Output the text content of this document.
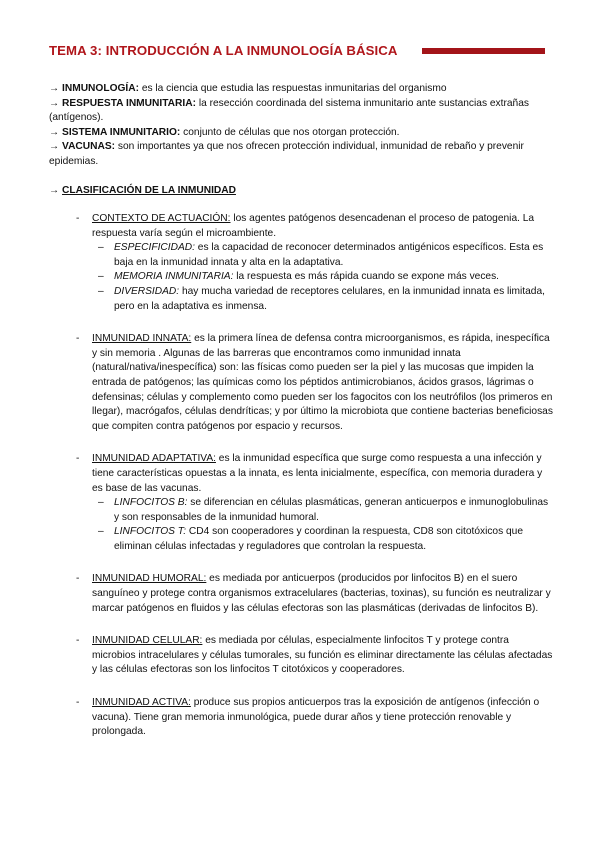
TEMA 3: INTRODUCCIÓN A LA INMUNOLOGÍA BÁSICA

→ INMUNOLOGÍA: es la ciencia que estudia las respuestas inmunitarias del organismo

→ RESPUESTA INMUNITARIA: la resección coordinada del sistema inmunitario ante sustancias extrañas (antígenos).

→ SISTEMA INMUNITARIO: conjunto de células que nos otorgan protección.

→ VACUNAS: son importantes ya que nos ofrecen protección individual, inmunidad de rebaño y prevenir epidemias.

→ CLASIFICACIÓN DE LA INMUNIDAD
- CONTEXTO DE ACTUACIÓN: los agentes patógenos desencadenan el proceso de patogenia. La respuesta varía según el microambiente.
– ESPECIFICIDAD: es la capacidad de reconocer determinados antigénicos específicos. Esta es baja en la inmunidad innata y alta en la adaptativa.
– MEMORIA INMUNITARIA: la respuesta es más rápida cuando se expone más veces.
– DIVERSIDAD: hay mucha variedad de receptores celulares, en la inmunidad innata es limitada, pero en la adaptativa es inmensa.
- INMUNIDAD INNATA: es la primera línea de defensa contra microorganismos, es rápida, inespecífica y sin memoria . Algunas de las barreras que encontramos como inmunidad innata (natural/nativa/inespecífica) son: las físicas como pueden ser la piel y las mucosas que impiden la entrada de patógenos; las químicas como los péptidos antimicrobianos, ácidos grasos, lágrimas o defensinas; células y complemento como pueden ser los fagocitos con los neutrófilos (los primeros en llegar), macrógafos, células dendríticas; y por último la microbiota que contiene bacterias beneficiosas que compiten contra patógenos por espacio y recursos.
- INMUNIDAD ADAPTATIVA: es la inmunidad específica que surge como respuesta a una infección y tiene características opuestas a la innata, es lenta inicialmente, específica, con memoria duradera y es base de las vacunas.
– LINFOCITOS B: se diferencian en células plasmáticas, generan anticuerpos e inmunoglobulinas y son responsables de la inmunidad humoral.
– LINFOCITOS T: CD4 son cooperadores y coordinan la respuesta, CD8 son citotóxicos que eliminan células infectadas y reguladores que controlan la respuesta.
- INMUNIDAD HUMORAL: es mediada por anticuerpos (producidos por linfocitos B) en el suero sanguíneo y protege contra organismos extracelulares (bacterias, toxinas), su función es neutralizar y marcar patógenos en fluidos y las células efectoras son las plasmáticas (derivadas de linfocitos B).
- INMUNIDAD CELULAR: es mediada por células, especialmente linfocitos T y protege contra microbios intracelulares y células tumorales, su función es eliminar directamente las células afectadas y las células efectoras son los linfocitos T citotóxicos y cooperadores.
- INMUNIDAD ACTIVA: produce sus propios anticuerpos tras la exposición de antígenos (infección o vacuna). Tiene gran memoria inmunológica, puede durar años y tiene protección renovable y prolongada.
